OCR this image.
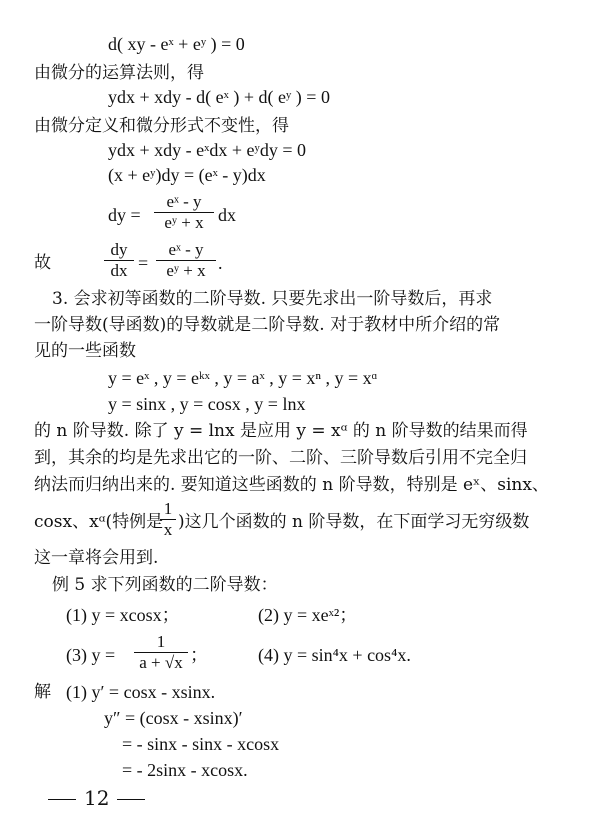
d( xy - eˣ + eʸ ) = 0
由微分的运算法则，得
ydx + xdy - d( eˣ ) + d( eʸ ) = 0
由微分定义和微分形式不变性，得
ydx + xdy - eˣdx + eʸdy = 0
(x + eʸ)dy = (eˣ - y)dx
dy =
eˣ - y
eʸ + x dx
故
dy
dx =
eˣ - y
eʸ + x .
3. 会求初等函数的二阶导数. 只要先求出一阶导数后，再求
一阶导数(导函数)的导数就是二阶导数. 对于教材中所介绍的常
见的一些函数
y = eˣ , y = eᵏˣ , y = aˣ , y = xⁿ , y = xᵅ
y = sinx , y = cosx , y = lnx
的 n 阶导数. 除了 y = lnx 是应用 y = xᵅ 的 n 阶导数的结果而得
到，其余的均是先求出它的一阶、二阶、三阶导数后引用不完全归
纳法而归纳出来的. 要知道这些函数的 n 阶导数，特别是 eˣ、sinx、
cosx、xᵅ(特例是
1
x )这几个函数的 n 阶导数，在下面学习无穷级数
这一章将会用到.
例 5 求下列函数的二阶导数：
(1) y = xcosx；	(2) y = xeˣ²；
(3) y =
1
a + √x ；	(4) y = sin⁴x + cos⁴x.
解 (1) y′ = cosx - xsinx.
y″ = (cosx - xsinx)′
= - sinx - sinx - xcosx
= - 2sinx - xcosx.
12
